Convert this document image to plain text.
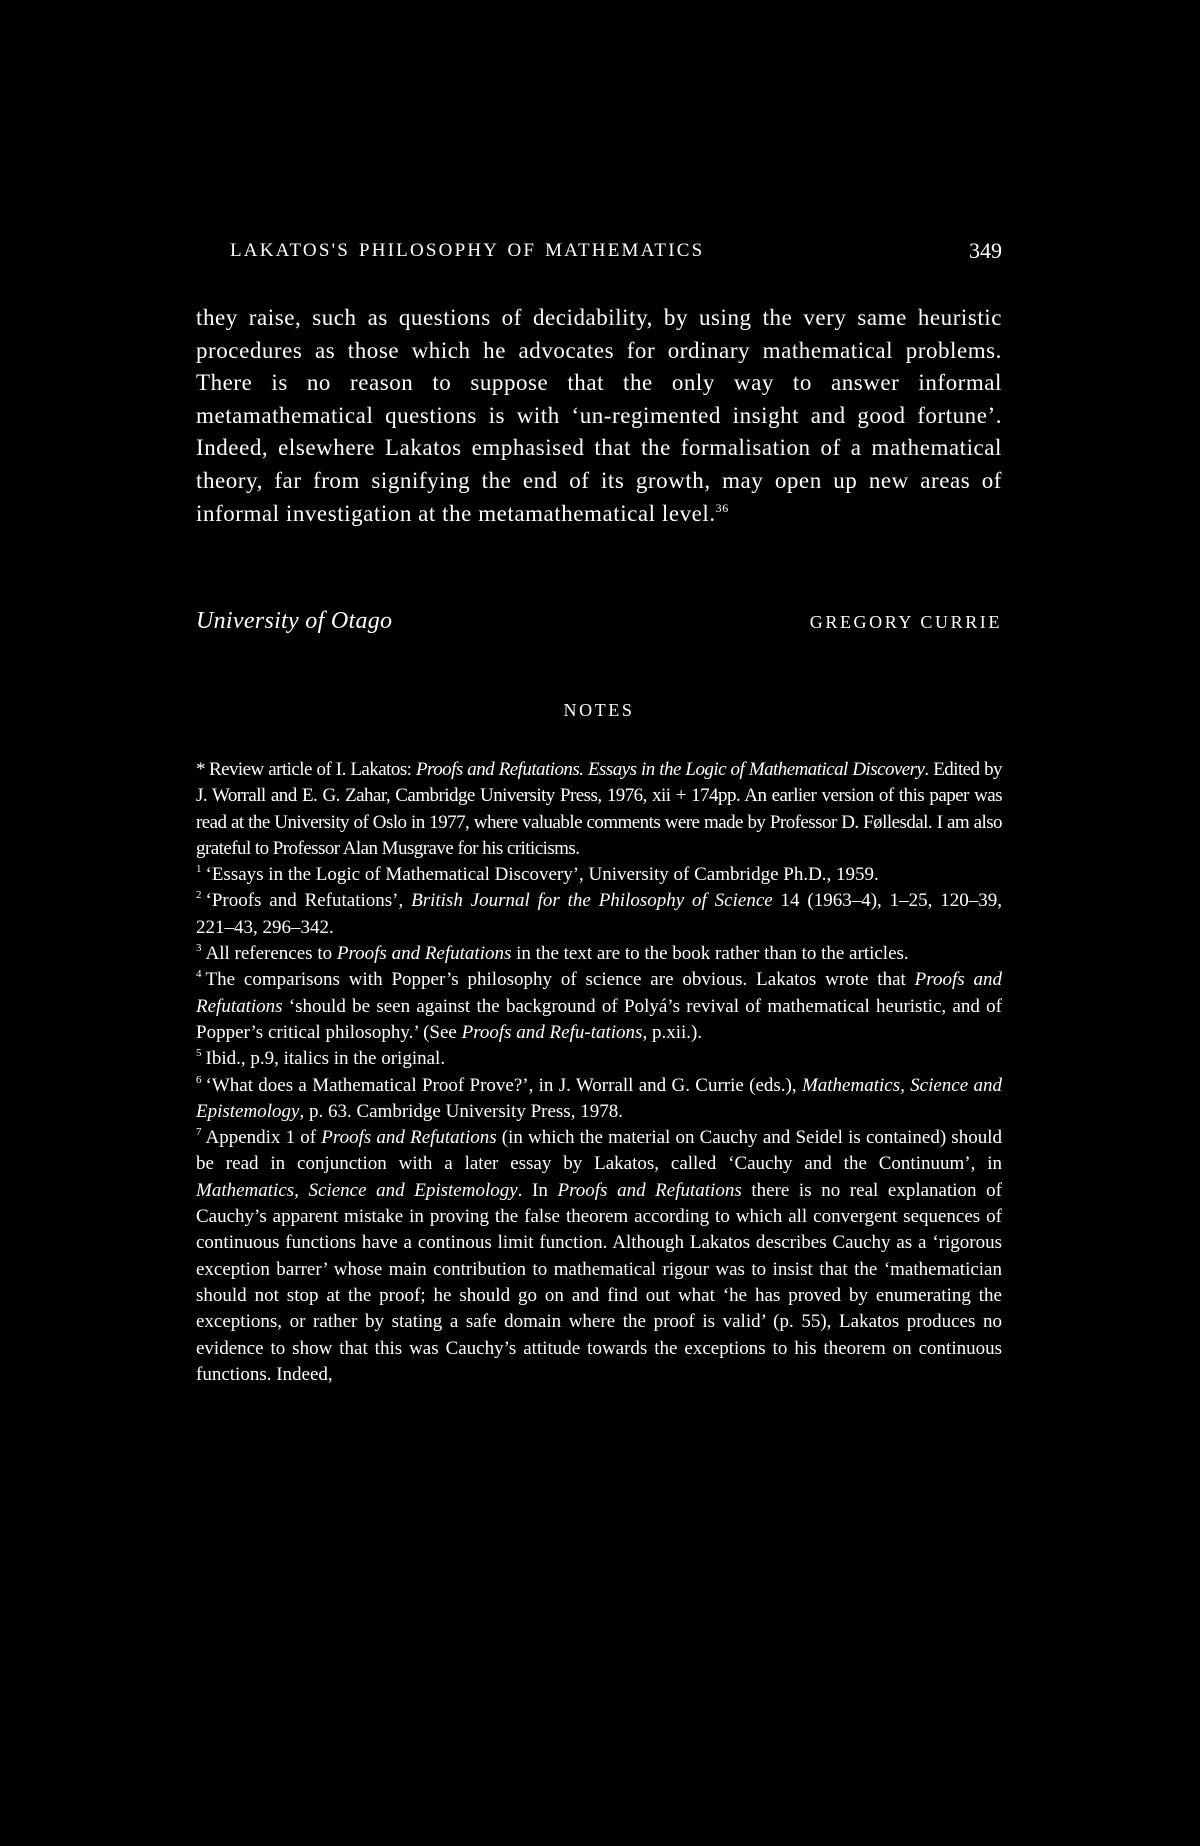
LAKATOS'S PHILOSOPHY OF MATHEMATICS	349

they raise, such as questions of decidability, by using the very same heuristic procedures as those which he advocates for ordinary mathematical problems. There is no reason to suppose that the only way to answer informal metamathematical questions is with ‘un-regimented insight and good fortune’. Indeed, elsewhere Lakatos emphasised that the formalisation of a mathematical theory, far from signifying the end of its growth, may open up new areas of informal investigation at the metamathematical level.$^{36}$

University of Otago	GREGORY CURRIE
NOTES

* Review article of I. Lakatos: Proofs and Refutations. Essays in the Logic of Mathematical Discovery. Edited by J. Worrall and E. G. Zahar, Cambridge University Press, 1976, xii + 174pp. An earlier version of this paper was read at the University of Oslo in 1977, where valuable comments were made by Professor D. Føllesdal. I am also grateful to Professor Alan Musgrave for his criticisms.

$^1$ ‘Essays in the Logic of Mathematical Discovery’, University of Cambridge Ph.D., 1959.

$^2$ ‘Proofs and Refutations’, British Journal for the Philosophy of Science 14 (1963–4), 1–25, 120–39, 221–43, 296–342.

$^3$ All references to Proofs and Refutations in the text are to the book rather than to the articles.

$^4$ The comparisons with Popper’s philosophy of science are obvious. Lakatos wrote that Proofs and Refutations ‘should be seen against the background of Polyá’s revival of mathematical heuristic, and of Popper’s critical philosophy.’ (See Proofs and Refu-tations, p.xii.).

$^5$ Ibid., p.9, italics in the original.

$^6$ ‘What does a Mathematical Proof Prove?’, in J. Worrall and G. Currie (eds.), Mathematics, Science and Epistemology, p. 63. Cambridge University Press, 1978.

$^7$ Appendix 1 of Proofs and Refutations (in which the material on Cauchy and Seidel is contained) should be read in conjunction with a later essay by Lakatos, called ‘Cauchy and the Continuum’, in Mathematics, Science and Epistemology. In Proofs and Refutations there is no real explanation of Cauchy’s apparent mistake in proving the false theorem according to which all convergent sequences of continuous functions have a continous limit function. Although Lakatos describes Cauchy as a ‘rigorous exception barrer’ whose main contribution to mathematical rigour was to insist that the ‘mathematician should not stop at the proof; he should go on and find out what ‘he has proved by enumerating the exceptions, or rather by stating a safe domain where the proof is valid’ (p. 55), Lakatos produces no evidence to show that this was Cauchy’s attitude towards the exceptions to his theorem on continuous functions. Indeed,
